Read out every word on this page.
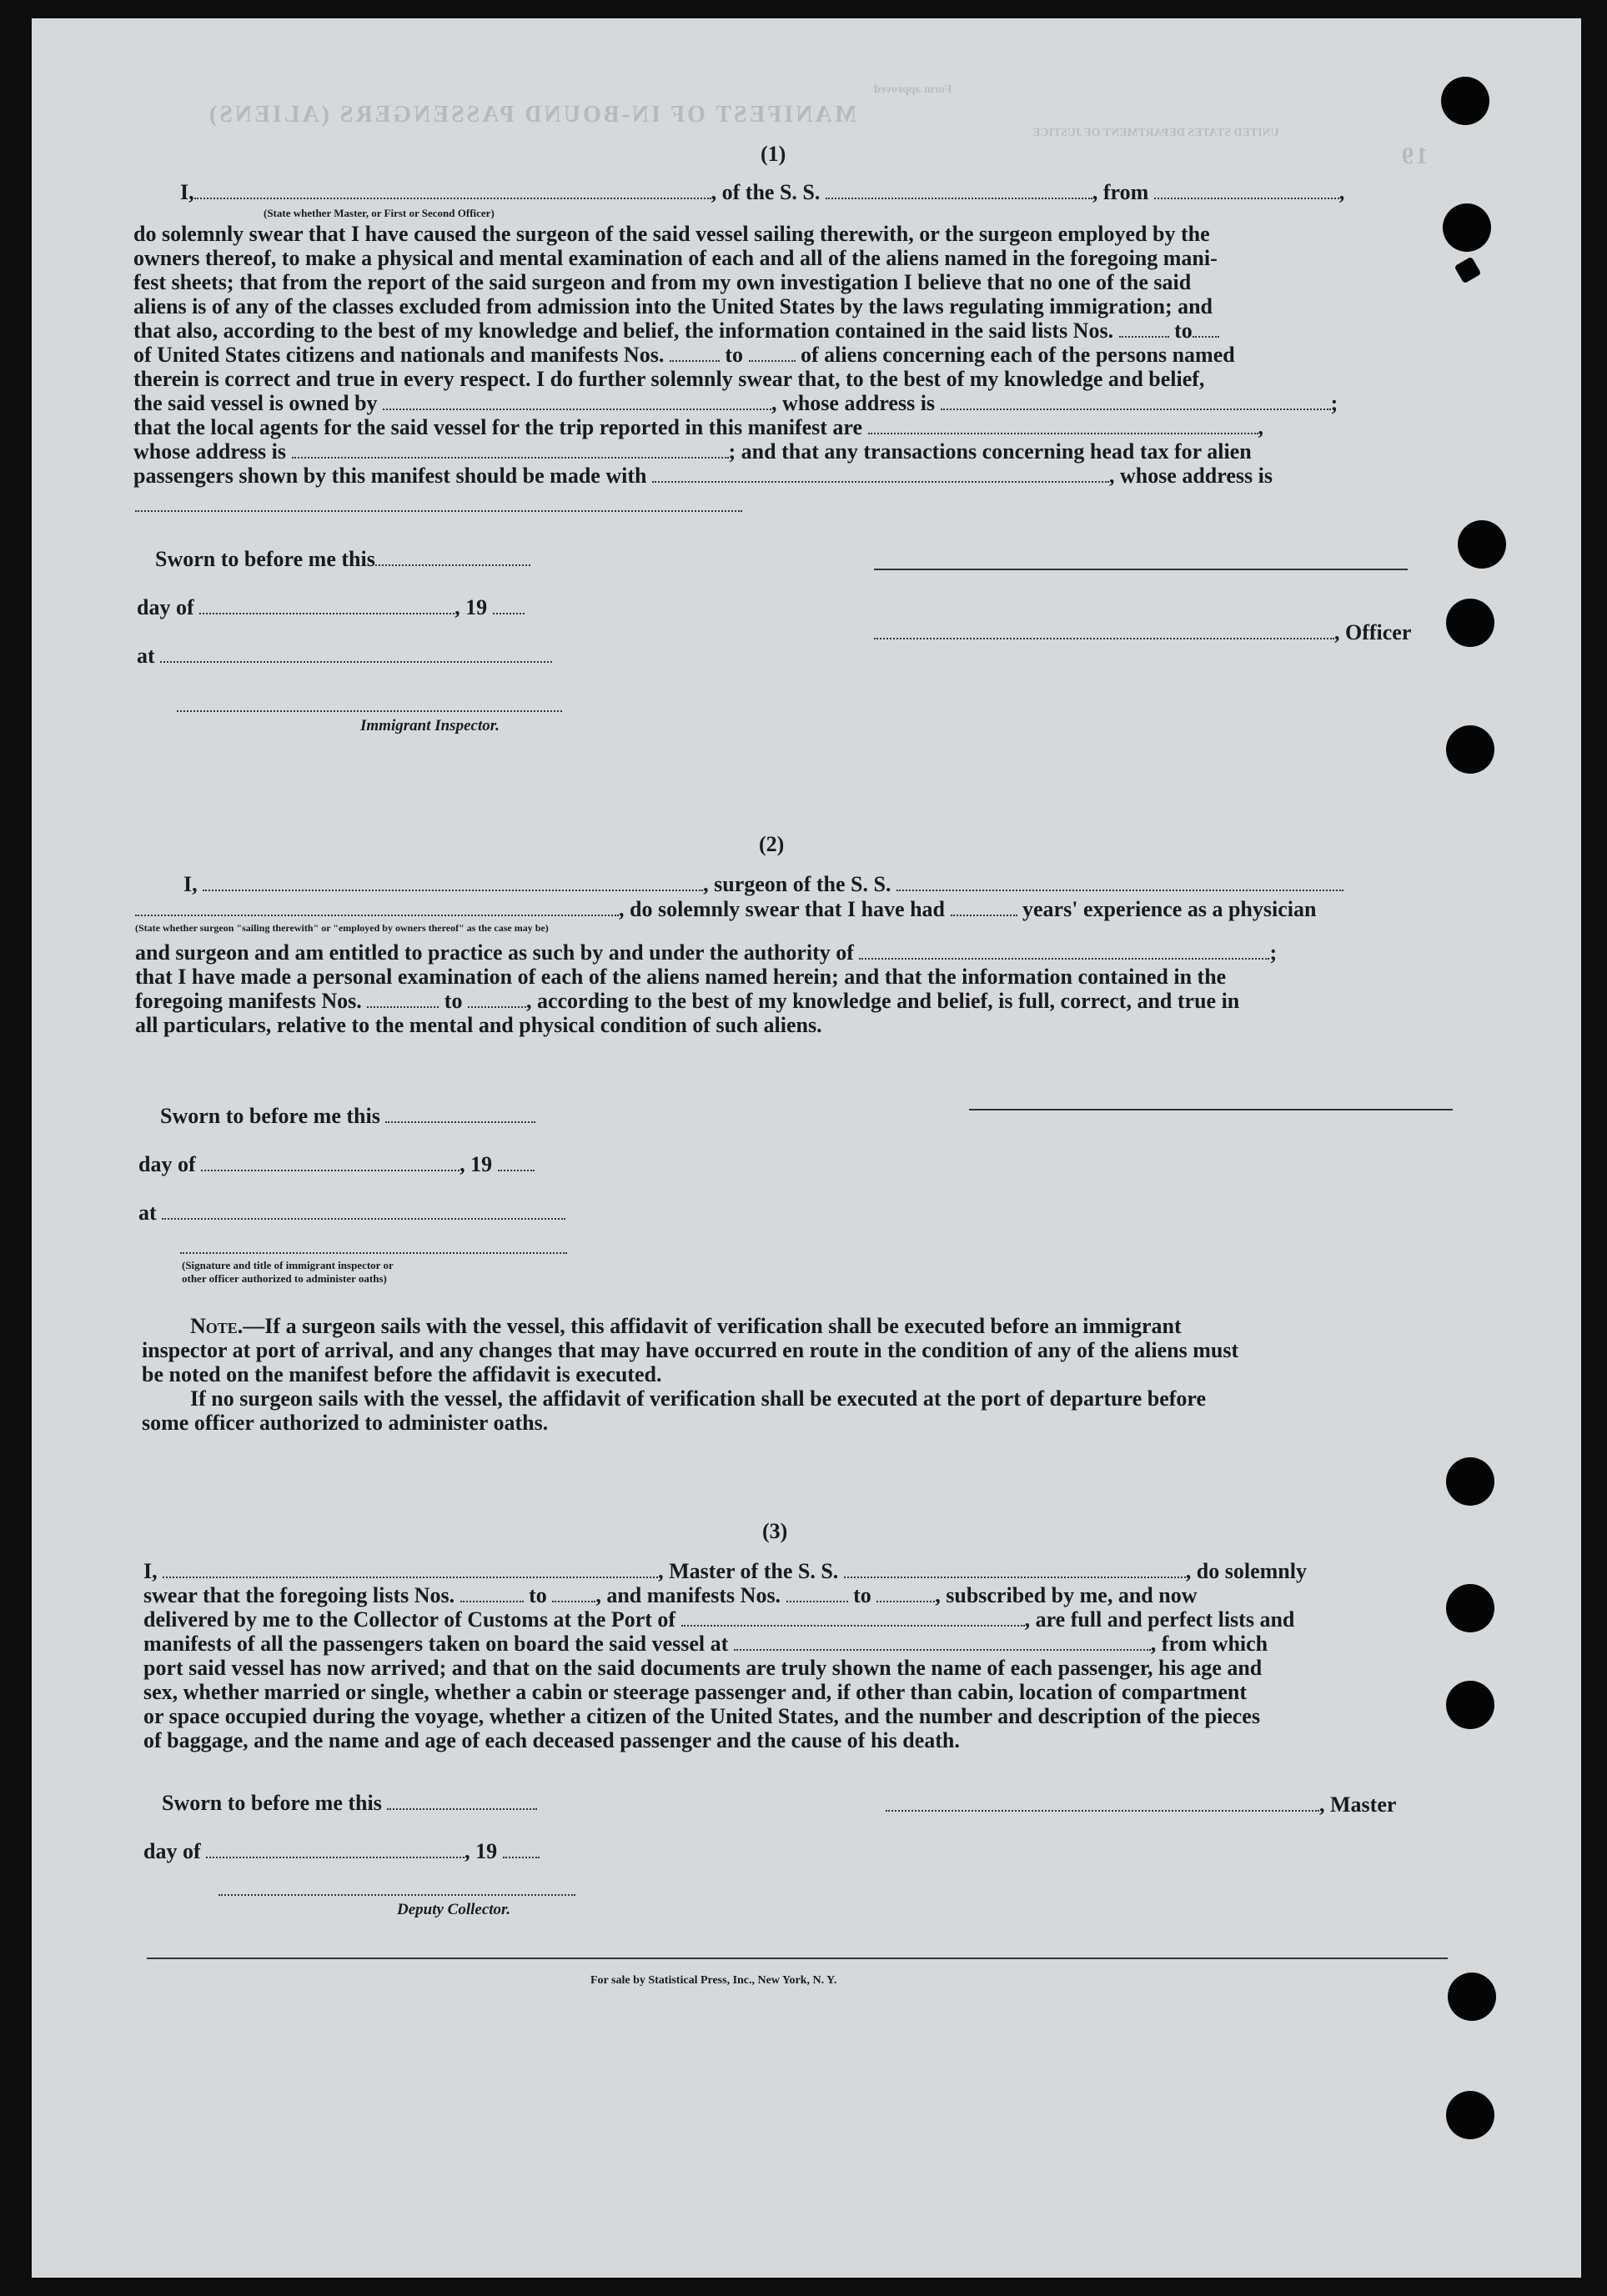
MANIFEST OF IN-BOUND PASSENGERS (ALIENS)
Form approved
UNITED STATES DEPARTMENT OF JUSTICE
19
(1)
I,	, of the S. S.	, from	,
(State whether Master, or First or Second Officer)
do solemnly swear that I have caused the surgeon of the said vessel sailing therewith, or the surgeon employed by the
owners thereof, to make a physical and mental examination of each and all of the aliens named in the foregoing mani-
fest sheets; that from the report of the said surgeon and from my own investigation I believe that no one of the said
aliens is of any of the classes excluded from admission into the United States by the laws regulating immigration; and
that also, according to the best of my knowledge and belief, the information contained in the said lists Nos.	to
of United States citizens and nationals and manifests Nos.	to	of aliens concerning each of the persons named
therein is correct and true in every respect. I do further solemnly swear that, to the best of my knowledge and belief,
the said vessel is owned by	, whose address is	;
that the local agents for the said vessel for the trip reported in this manifest are	,
whose address is	; and that any transactions concerning head tax for alien
passengers shown by this manifest should be made with	, whose address is
Sworn to before me this
day of	, 19
at
Immigrant Inspector.
, Officer
(2)
I,	, surgeon of the S. S.
, do solemnly swear that I have had	years' experience as a physician
(State whether surgeon "sailing therewith" or "employed by owners thereof" as the case may be)
and surgeon and am entitled to practice as such by and under the authority of	;
that I have made a personal examination of each of the aliens named herein; and that the information contained in the
foregoing manifests Nos.	to	, according to the best of my knowledge and belief, is full, correct, and true in
all particulars, relative to the mental and physical condition of such aliens.
Sworn to before me this
day of	, 19
at
(Signature and title of immigrant inspector or
other officer authorized to administer oaths)
Note.—If a surgeon sails with the vessel, this affidavit of verification shall be executed before an immigrant
inspector at port of arrival, and any changes that may have occurred en route in the condition of any of the aliens must
be noted on the manifest before the affidavit is executed.
If no surgeon sails with the vessel, the affidavit of verification shall be executed at the port of departure before
some officer authorized to administer oaths.
(3)
I,	, Master of the S. S.	, do solemnly
swear that the foregoing lists Nos.	to , and manifests Nos.	to	, subscribed by me, and now
delivered by me to the Collector of Customs at the Port of	, are full and perfect lists and
manifests of all the passengers taken on board the said vessel at	, from which
port said vessel has now arrived; and that on the said documents are truly shown the name of each passenger, his age and
sex, whether married or single, whether a cabin or steerage passenger and, if other than cabin, location of compartment
or space occupied during the voyage, whether a citizen of the United States, and the number and description of the pieces
of baggage, and the name and age of each deceased passenger and the cause of his death.
Sworn to before me this	, Master
day of	, 19
Deputy Collector.
For sale by Statistical Press, Inc., New York, N. Y.
